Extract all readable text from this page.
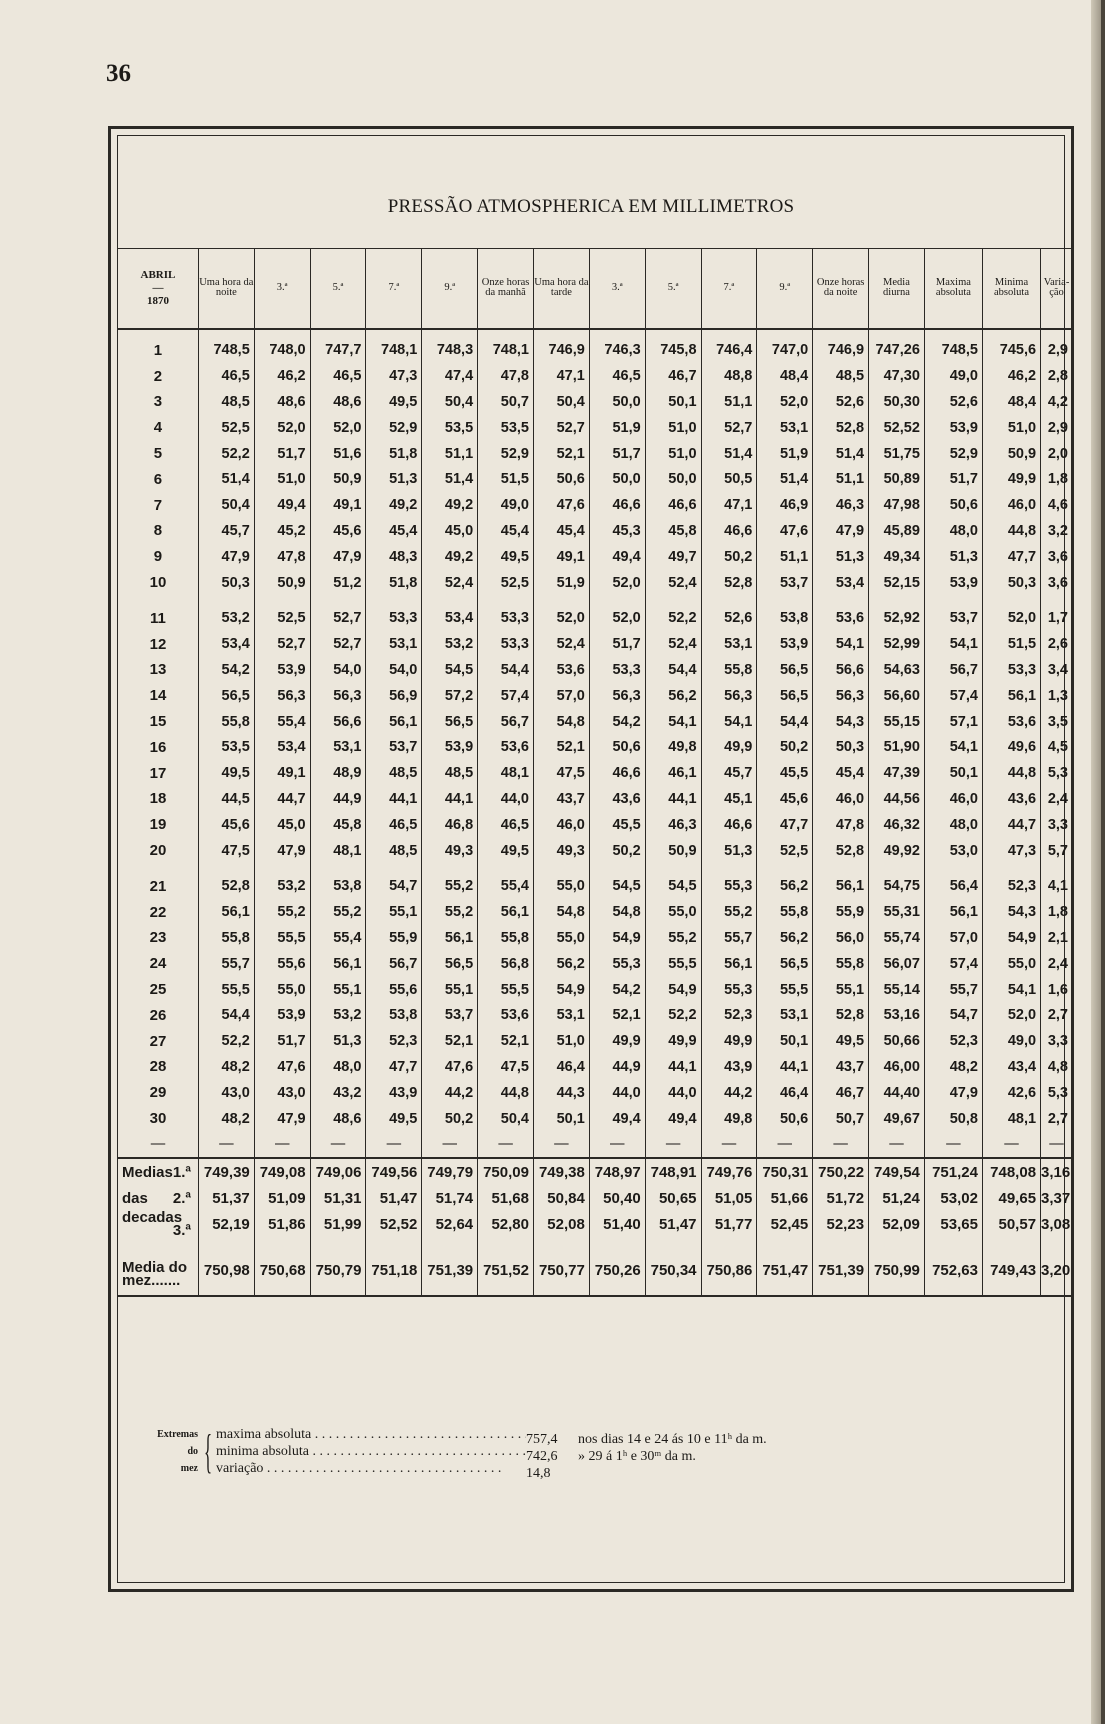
36
PRESSÃO ATMOSPHERICA EM MILLIMETROS
ABRIL
—
1870	Uma hora da noite	3.ª	5.ª	7.ª	9.ª	Onze horas da manhã	Uma hora da tarde	3.ª	5.ª	7.ª	9.ª	Onze horas da noite	Media diurna	Maxima absoluta	Minima absoluta	Varia-ção

1	748,5	748,0	747,7	748,1	748,3	748,1	746,9	746,3	745,8	746,4	747,0	746,9	747,26	748,5	745,6	2,9
2	46,5	46,2	46,5	47,3	47,4	47,8	47,1	46,5	46,7	48,8	48,4	48,5	47,30	49,0	46,2	2,8
3	48,5	48,6	48,6	49,5	50,4	50,7	50,4	50,0	50,1	51,1	52,0	52,6	50,30	52,6	48,4	4,2
4	52,5	52,0	52,0	52,9	53,5	53,5	52,7	51,9	51,0	52,7	53,1	52,8	52,52	53,9	51,0	2,9
5	52,2	51,7	51,6	51,8	51,1	52,9	52,1	51,7	51,0	51,4	51,9	51,4	51,75	52,9	50,9	2,0
6	51,4	51,0	50,9	51,3	51,4	51,5	50,6	50,0	50,0	50,5	51,4	51,1	50,89	51,7	49,9	1,8
7	50,4	49,4	49,1	49,2	49,2	49,0	47,6	46,6	46,6	47,1	46,9	46,3	47,98	50,6	46,0	4,6
8	45,7	45,2	45,6	45,4	45,0	45,4	45,4	45,3	45,8	46,6	47,6	47,9	45,89	48,0	44,8	3,2
9	47,9	47,8	47,9	48,3	49,2	49,5	49,1	49,4	49,7	50,2	51,1	51,3	49,34	51,3	47,7	3,6
10	50,3	50,9	51,2	51,8	52,4	52,5	51,9	52,0	52,4	52,8	53,7	53,4	52,15	53,9	50,3	3,6

11	53,2	52,5	52,7	53,3	53,4	53,3	52,0	52,0	52,2	52,6	53,8	53,6	52,92	53,7	52,0	1,7
12	53,4	52,7	52,7	53,1	53,2	53,3	52,4	51,7	52,4	53,1	53,9	54,1	52,99	54,1	51,5	2,6
13	54,2	53,9	54,0	54,0	54,5	54,4	53,6	53,3	54,4	55,8	56,5	56,6	54,63	56,7	53,3	3,4
14	56,5	56,3	56,3	56,9	57,2	57,4	57,0	56,3	56,2	56,3	56,5	56,3	56,60	57,4	56,1	1,3
15	55,8	55,4	56,6	56,1	56,5	56,7	54,8	54,2	54,1	54,1	54,4	54,3	55,15	57,1	53,6	3,5
16	53,5	53,4	53,1	53,7	53,9	53,6	52,1	50,6	49,8	49,9	50,2	50,3	51,90	54,1	49,6	4,5
17	49,5	49,1	48,9	48,5	48,5	48,1	47,5	46,6	46,1	45,7	45,5	45,4	47,39	50,1	44,8	5,3
18	44,5	44,7	44,9	44,1	44,1	44,0	43,7	43,6	44,1	45,1	45,6	46,0	44,56	46,0	43,6	2,4
19	45,6	45,0	45,8	46,5	46,8	46,5	46,0	45,5	46,3	46,6	47,7	47,8	46,32	48,0	44,7	3,3
20	47,5	47,9	48,1	48,5	49,3	49,5	49,3	50,2	50,9	51,3	52,5	52,8	49,92	53,0	47,3	5,7

21	52,8	53,2	53,8	54,7	55,2	55,4	55,0	54,5	54,5	55,3	56,2	56,1	54,75	56,4	52,3	4,1
22	56,1	55,2	55,2	55,1	55,2	56,1	54,8	54,8	55,0	55,2	55,8	55,9	55,31	56,1	54,3	1,8
23	55,8	55,5	55,4	55,9	56,1	55,8	55,0	54,9	55,2	55,7	56,2	56,0	55,74	57,0	54,9	2,1
24	55,7	55,6	56,1	56,7	56,5	56,8	56,2	55,3	55,5	56,1	56,5	55,8	56,07	57,4	55,0	2,4
25	55,5	55,0	55,1	55,6	55,1	55,5	54,9	54,2	54,9	55,3	55,5	55,1	55,14	55,7	54,1	1,6
26	54,4	53,9	53,2	53,8	53,7	53,6	53,1	52,1	52,2	52,3	53,1	52,8	53,16	54,7	52,0	2,7
27	52,2	51,7	51,3	52,3	52,1	52,1	51,0	49,9	49,9	49,9	50,1	49,5	50,66	52,3	49,0	3,3
28	48,2	47,6	48,0	47,7	47,6	47,5	46,4	44,9	44,1	43,9	44,1	43,7	46,00	48,2	43,4	4,8
29	43,0	43,0	43,2	43,9	44,2	44,8	44,3	44,0	44,0	44,2	46,4	46,7	44,40	47,9	42,6	5,3
30	48,2	47,9	48,6	49,5	50,2	50,4	50,1	49,4	49,4	49,8	50,6	50,7	49,67	50,8	48,1	2,7
—	—	—	—	—	—	—	—	—	—	—	—	—	—	—	—	—
Medias 1.ª	749,39	749,08	749,06	749,56	749,79	750,09	749,38	748,97	748,91	749,76	750,31	750,22	749,54	751,24	748,08	3,16
das 2.ª	51,37	51,09	51,31	51,47	51,74	51,68	50,84	50,40	50,65	51,05	51,66	51,72	51,24	53,02	49,65	3,37
decadas
3.ª	52,19	51,86	51,99	52,52	52,64	52,80	52,08	51,40	51,47	51,77	52,45	52,23	52,09	53,65	50,57	3,08

Media do
mez.......	750,98	750,68	750,79	751,18	751,39	751,52	750,77	750,26	750,34	750,86	751,47	751,39	750,99	752,63	749,43	3,20

Extremas
do
mez { maxima absoluta . . .	757,4 nos dias 14 e 24 ás 10 e 11ʰ da m.
minima absoluta . . .	742,6 » 29 á 1ʰ e 30ᵐ da m.
variação . . .	14,8
